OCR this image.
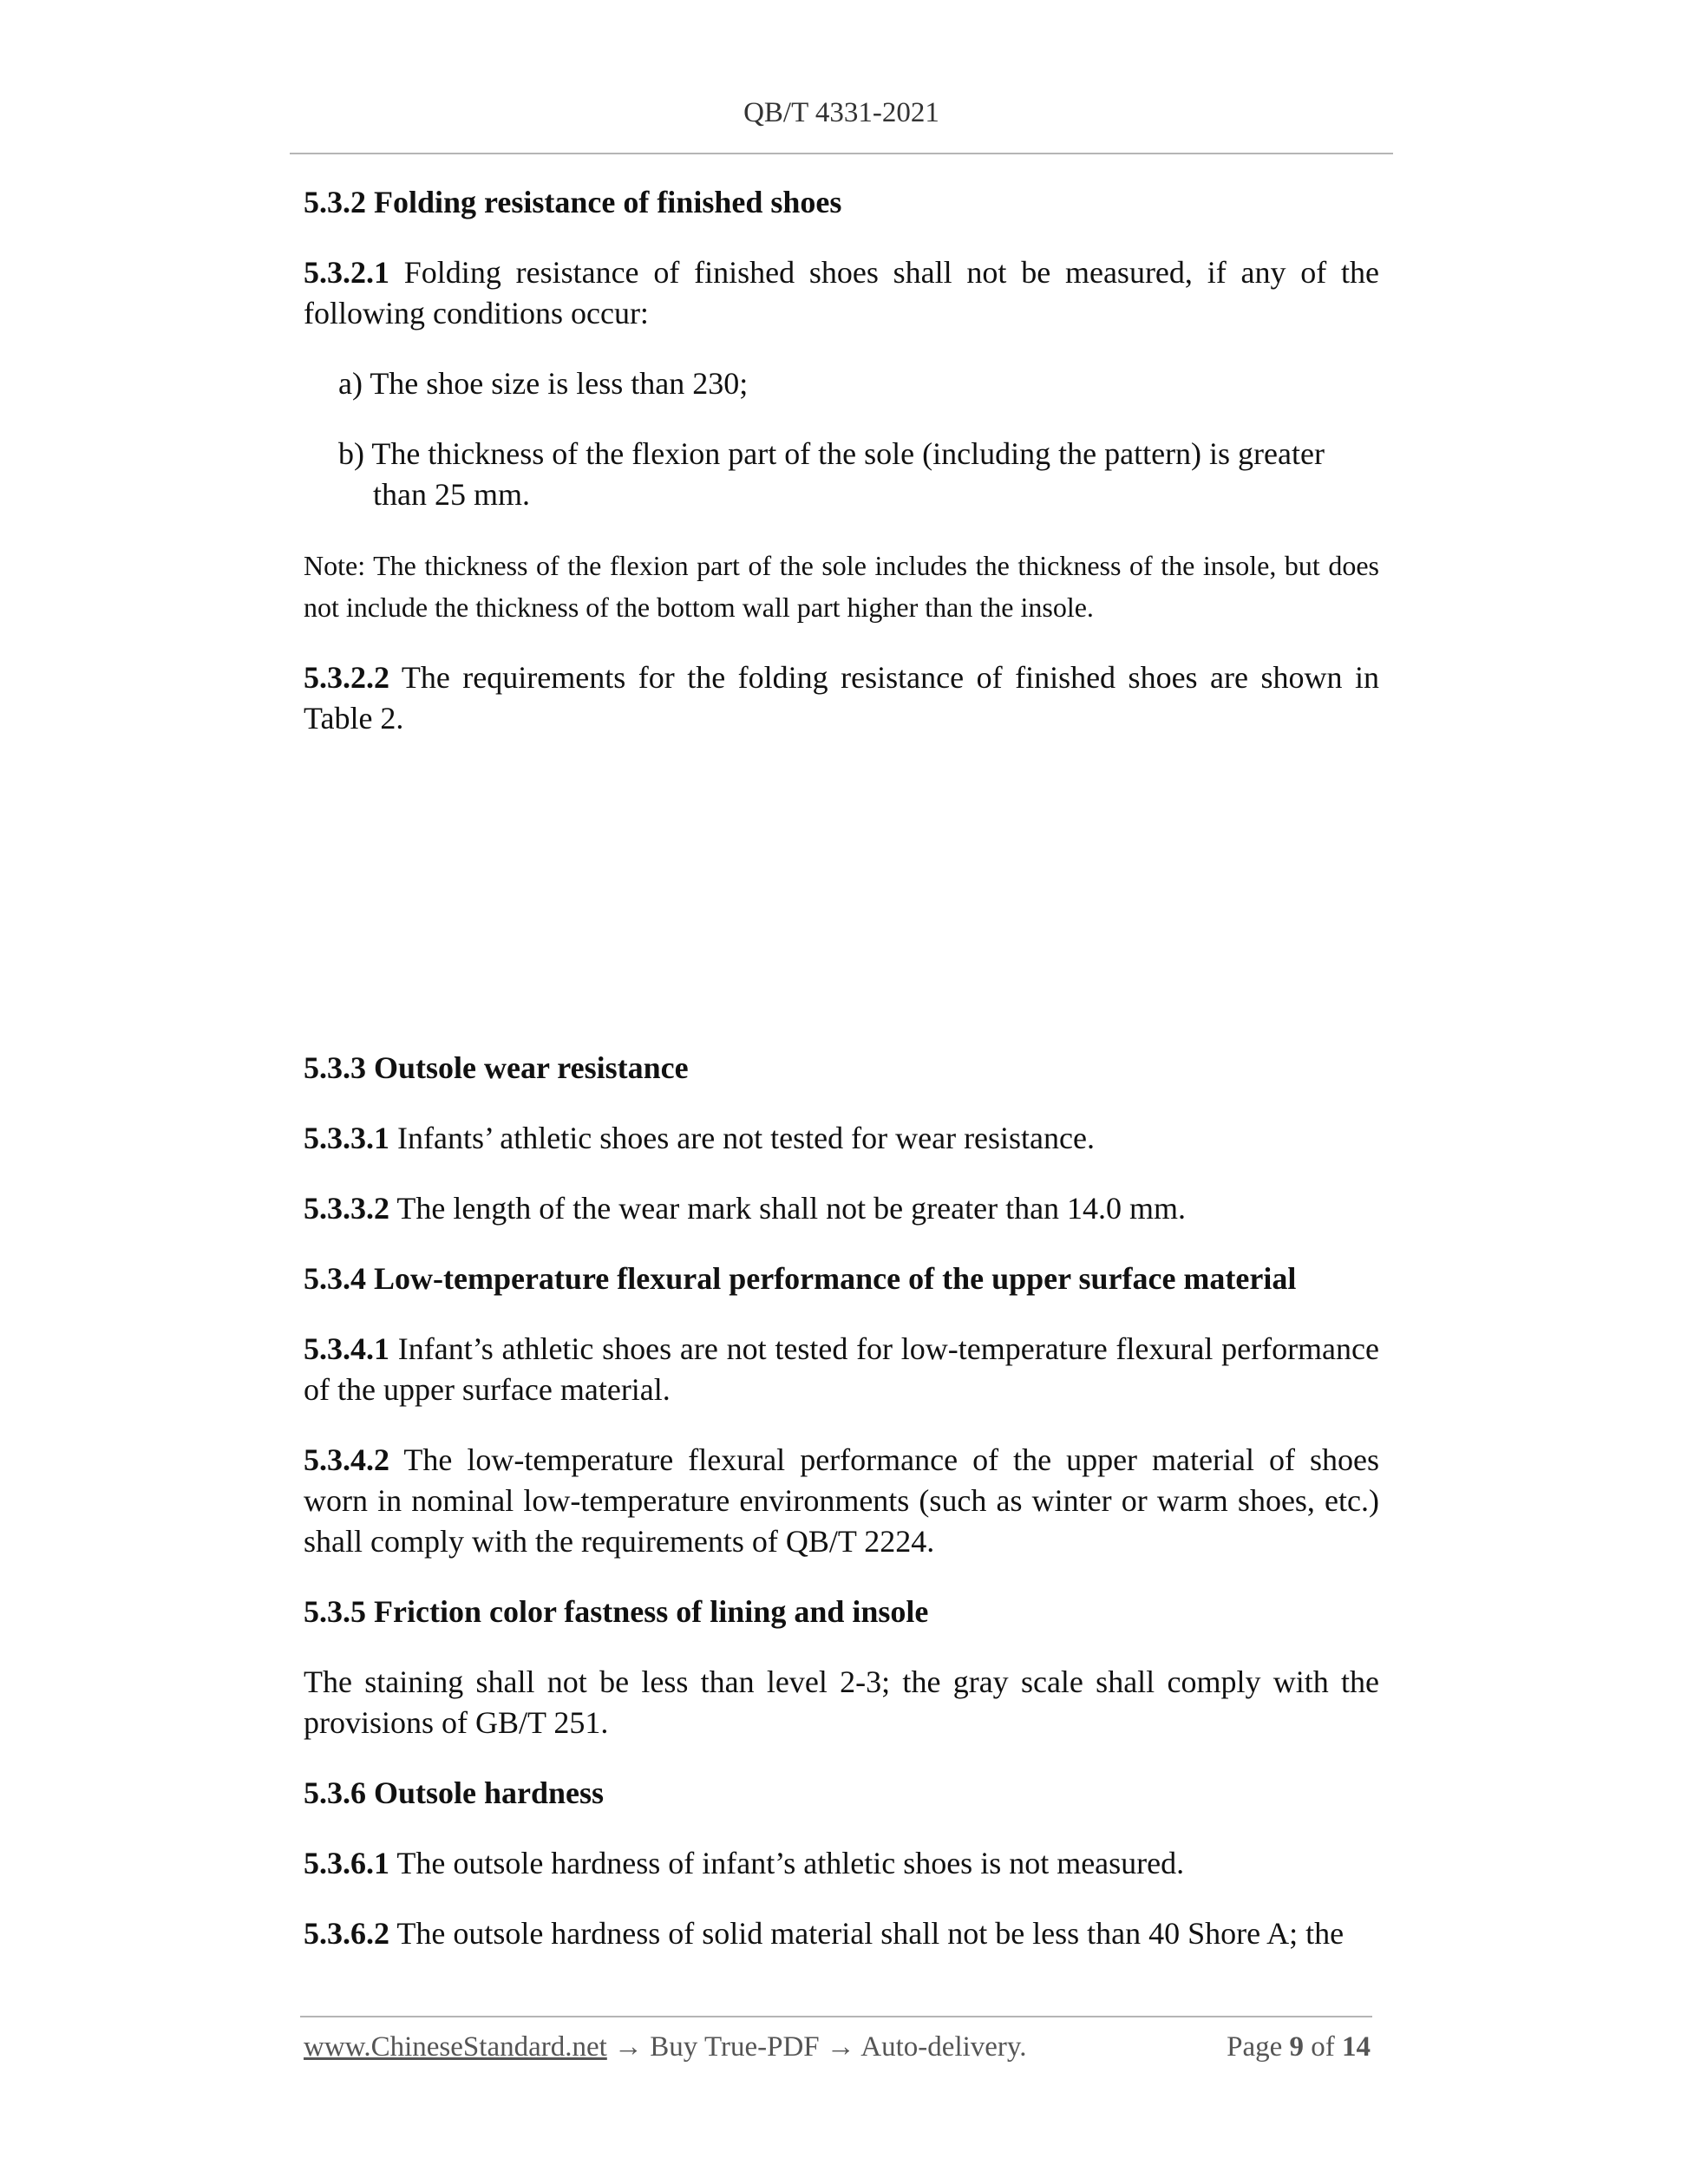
QB/T 4331-2021

5.3.2 Folding resistance of finished shoes

5.3.2.1 Folding resistance of finished shoes shall not be measured, if any of the following conditions occur:

a) The shoe size is less than 230;

b) The thickness of the flexion part of the sole (including the pattern) is greater than 25 mm.

Note: The thickness of the flexion part of the sole includes the thickness of the insole, but does not include the thickness of the bottom wall part higher than the insole.

5.3.2.2 The requirements for the folding resistance of finished shoes are shown in Table 2.

5.3.3 Outsole wear resistance

5.3.3.1 Infants’ athletic shoes are not tested for wear resistance.

5.3.3.2 The length of the wear mark shall not be greater than 14.0 mm.

5.3.4 Low-temperature flexural performance of the upper surface material

5.3.4.1 Infant’s athletic shoes are not tested for low-temperature flexural performance of the upper surface material.

5.3.4.2 The low-temperature flexural performance of the upper material of shoes worn in nominal low-temperature environments (such as winter or warm shoes, etc.) shall comply with the requirements of QB/T 2224.

5.3.5 Friction color fastness of lining and insole

The staining shall not be less than level 2-3; the gray scale shall comply with the provisions of GB/T 251.

5.3.6 Outsole hardness

5.3.6.1 The outsole hardness of infant’s athletic shoes is not measured.

5.3.6.2 The outsole hardness of solid material shall not be less than 40 Shore A; the

www.ChineseStandard.net → Buy True-PDF → Auto-delivery.	Page 9 of 14
